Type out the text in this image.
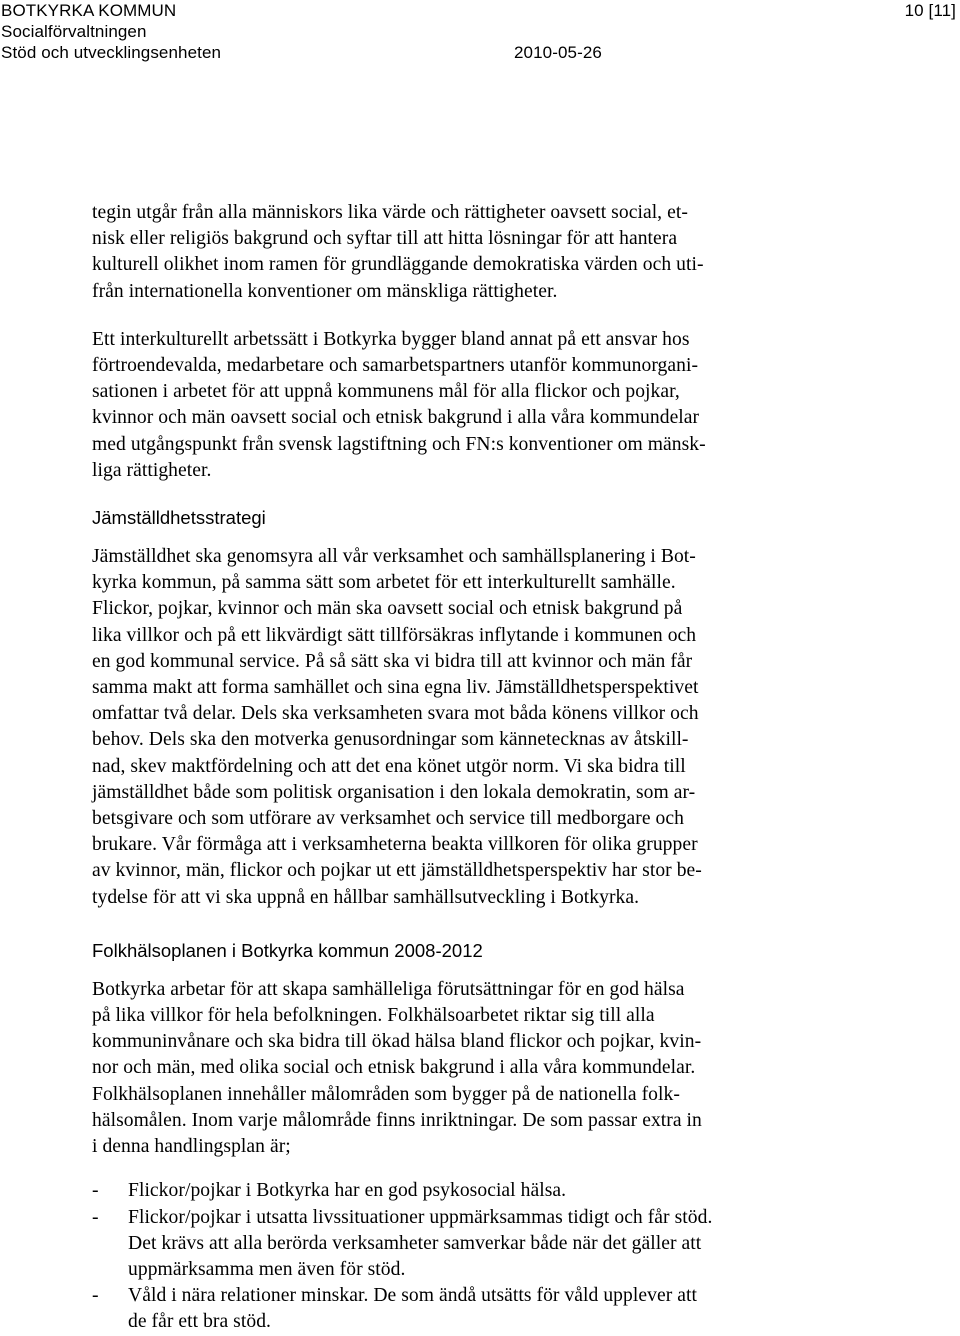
BOTKYRKA KOMMUN
Socialförvaltningen
Stöd och utvecklingsenheten	2010-05-26
10 [11]
tegin utgår från alla människors lika värde och rättigheter oavsett social, et-
nisk eller religiös bakgrund och syftar till att hitta lösningar för att hantera
kulturell olikhet inom ramen för grundläggande demokratiska värden och uti-
från internationella konventioner om mänskliga rättigheter.
Ett interkulturellt arbetssätt i Botkyrka bygger bland annat på ett ansvar hos
förtroendevalda, medarbetare och samarbetspartners utanför kommunorgani-
sationen i arbetet för att uppnå kommunens mål för alla flickor och pojkar,
kvinnor och män oavsett social och etnisk bakgrund i alla våra kommundelar
med utgångspunkt från svensk lagstiftning och FN:s konventioner om mänsk-
liga rättigheter.
Jämställdhetsstrategi
Jämställdhet ska genomsyra all vår verksamhet och samhällsplanering i Bot-
kyrka kommun, på samma sätt som arbetet för ett interkulturellt samhälle.
Flickor, pojkar, kvinnor och män ska oavsett social och etnisk bakgrund på
lika villkor och på ett likvärdigt sätt tillförsäkras inflytande i kommunen och
en god kommunal service. På så sätt ska vi bidra till att kvinnor och män får
samma makt att forma samhället och sina egna liv. Jämställdhetsperspektivet
omfattar två delar. Dels ska verksamheten svara mot båda könens villkor och
behov. Dels ska den motverka genusordningar som kännetecknas av åtskill-
nad, skev maktfördelning och att det ena könet utgör norm. Vi ska bidra till
jämställdhet både som politisk organisation i den lokala demokratin, som ar-
betsgivare och som utförare av verksamhet och service till medborgare och
brukare. Vår förmåga att i verksamheterna beakta villkoren för olika grupper
av kvinnor, män, flickor och pojkar ut ett jämställdhetsperspektiv har stor be-
tydelse för att vi ska uppnå en hållbar samhällsutveckling i Botkyrka.
Folkhälsoplanen i Botkyrka kommun 2008-2012
Botkyrka arbetar för att skapa samhälleliga förutsättningar för en god hälsa
på lika villkor för hela befolkningen. Folkhälsoarbetet riktar sig till alla
kommuninvånare och ska bidra till ökad hälsa bland flickor och pojkar, kvin-
nor och män, med olika social och etnisk bakgrund i alla våra kommundelar.
Folkhälsoplanen innehåller målområden som bygger på de nationella folk-
hälsomålen. Inom varje målområde finns inriktningar. De som passar extra in
i denna handlingsplan är;
- Flickor/pojkar i Botkyrka har en god psykosocial hälsa.
- Flickor/pojkar i utsatta livssituationer uppmärksammas tidigt och får stöd.
Det krävs att alla berörda verksamheter samverkar både när det gäller att
uppmärksamma men även för stöd.
- Våld i nära relationer minskar. De som ändå utsätts för våld upplever att
de får ett bra stöd.
